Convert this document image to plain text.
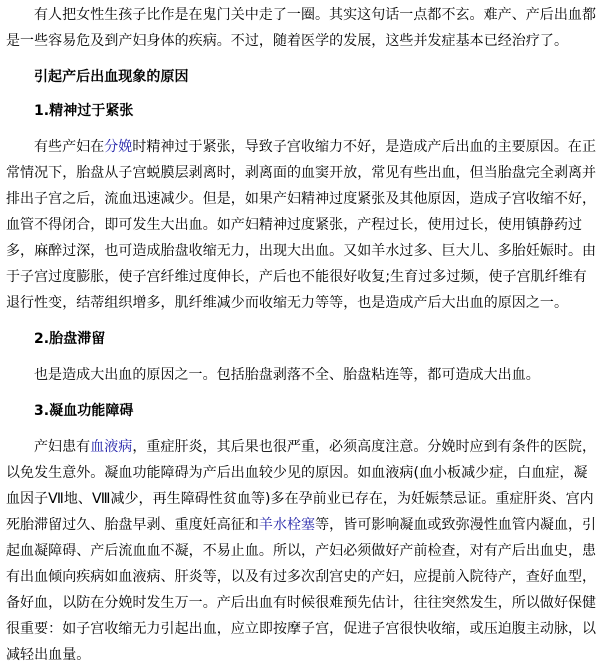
有人把女性生孩子比作是在鬼门关中走了一圈。其实这句话一点都不玄。难产、产后出血都是一些容易危及到产妇身体的疾病。不过，随着医学的发展，这些并发症基本已经治疗了。

引起产后出血现象的原因

1.精神过于紧张

有些产妇在分娩时精神过于紧张，导致子宫收缩力不好，是造成产后出血的主要原因。在正常情况下，胎盘从子宫蜕膜层剥离时，剥离面的血窦开放，常见有些出血，但当胎盘完全剥离并排出子宫之后，流血迅速减少。但是，如果产妇精神过度紧张及其他原因，造成子宫收缩不好，血管不得闭合，即可发生大出血。如产妇精神过度紧张，产程过长，使用过长，使用镇静药过多，麻醉过深，也可造成胎盘收缩无力，出现大出血。又如羊水过多、巨大儿、多胎妊娠时。由于子宫过度膨胀，使子宫纤维过度伸长，产后也不能很好收复;生育过多过频，使子宫肌纤维有退行性变，结蒂组织增多，肌纤维减少而收缩无力等等，也是造成产后大出血的原因之一。

2.胎盘滞留

也是造成大出血的原因之一。包括胎盘剥落不全、胎盘粘连等，都可造成大出血。

3.凝血功能障碍

产妇患有血液病，重症肝炎，其后果也很严重，必须高度注意。分娩时应到有条件的医院，以免发生意外。凝血功能障碍为产后出血较少见的原因。如血液病(血小板减少症，白血症，凝血因子Ⅶ地、Ⅷ减少，再生障碍性贫血等)多在孕前业已存在，为妊娠禁忌证。重症肝炎、宫内死胎滞留过久、胎盘早剥、重度妊高征和羊水栓塞等，皆可影响凝血或致弥漫性血管内凝血，引起血凝障碍、产后流血血不凝，不易止血。所以，产妇必须做好产前检查，对有产后出血史，患有出血倾向疾病如血液病、肝炎等，以及有过多次刮宫史的产妇，应提前入院待产，查好血型，备好血，以防在分娩时发生万一。产后出血有时候很难预先估计，往往突然发生，所以做好保健很重要：如子宫收缩无力引起出血，应立即按摩子宫，促进子宫很快收缩，或压迫腹主动脉，以减轻出血量。
